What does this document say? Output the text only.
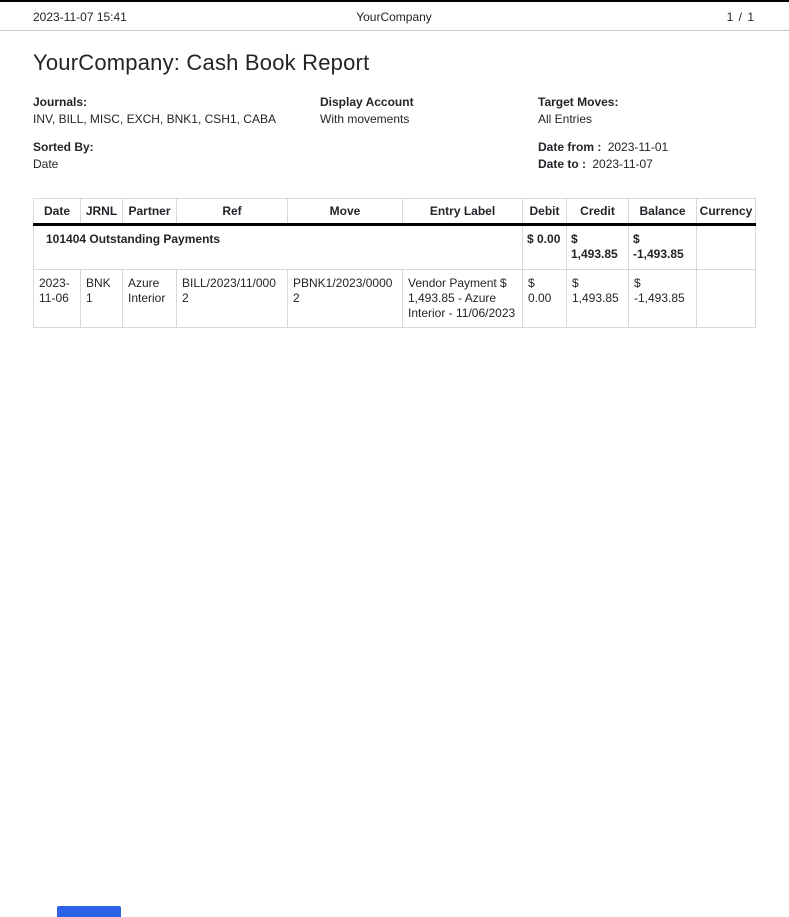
2023-11-07 15:41	YourCompany	1 / 1
YourCompany: Cash Book Report
Journals:
INV, BILL, MISC, EXCH, BNK1, CSH1, CABA
Sorted By:
Date
Display Account
With movements
Target Moves:
All Entries
Date from : 2023-11-01
Date to : 2023-11-07
Date	JRNL	Partner	Ref	Move	Entry Label	Debit	Credit	Balance	Currency
101404 Outstanding Payments						$ 0.00	$ 1,493.85	$ -1,493.85	
2023-11-06	BNK1	Azure Interior	BILL/2023/11/0002	PBNK1/2023/00002	Vendor Payment $ 1,493.85 - Azure Interior - 11/06/2023	$ 0.00	$ 1,493.85	$ -1,493.85	
